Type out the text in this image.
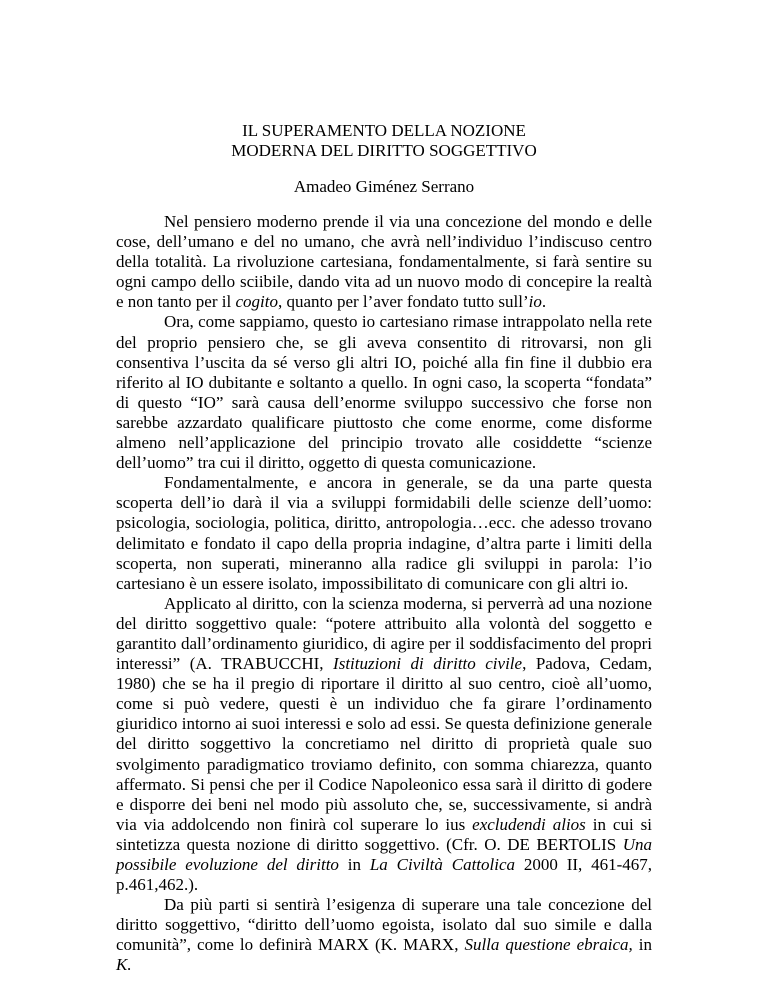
IL SUPERAMENTO DELLA NOZIONE
MODERNA DEL DIRITTO SOGGETTIVO
Amadeo Giménez Serrano

Nel pensiero moderno prende il via una concezione del mondo e delle cose, dell’umano e del no umano, che avrà nell’individuo l’indiscuso centro della totalità. La rivoluzione cartesiana, fondamentalmente, si farà sentire su ogni campo dello sciibile, dando vita ad un nuovo modo di concepire la realtà e non tanto per il cogito, quanto per l’aver fondato tutto sull’io.

Ora, come sappiamo, questo io cartesiano rimase intrappolato nella rete del proprio pensiero che, se gli aveva consentito di ritrovarsi, non gli consentiva l’uscita da sé verso gli altri IO, poiché alla fin fine il dubbio era riferito al IO dubitante e soltanto a quello. In ogni caso, la scoperta “fondata” di questo “IO” sarà causa dell’enorme sviluppo successivo che forse non sarebbe azzardato qualificare piuttosto che come enorme, come disforme almeno nell’applicazione del principio trovato alle cosiddette “scienze dell’uomo” tra cui il diritto, oggetto di questa comunicazione.

Fondamentalmente, e ancora in generale, se da una parte questa scoperta dell’io darà il via a sviluppi formidabili delle scienze dell’uomo: psicologia, sociologia, politica, diritto, antropologia…ecc. che adesso trovano delimitato e fondato il capo della propria indagine, d’altra parte i limiti della scoperta, non superati, mineranno alla radice gli sviluppi in parola: l’io cartesiano è un essere isolato, impossibilitato di comunicare con gli altri io.

Applicato al diritto, con la scienza moderna, si perverrà ad una nozione del diritto soggettivo quale: “potere attribuito alla volontà del soggetto e garantito dall’ordinamento giuridico, di agire per il soddisfacimento del propri interessi” (A. TRABUCCHI, Istituzioni di diritto civile, Padova, Cedam, 1980) che se ha il pregio di riportare il diritto al suo centro, cioè all’uomo, come si può vedere, questi è un individuo che fa girare l’ordinamento giuridico intorno ai suoi interessi e solo ad essi. Se questa definizione generale del diritto soggettivo la concretiamo nel diritto di proprietà quale suo svolgimento paradigmatico troviamo definito, con somma chiarezza, quanto affermato. Si pensi che per il Codice Napoleonico essa sarà il diritto di godere e disporre dei beni nel modo più assoluto che, se, successivamente, si andrà via via addolcendo non finirà col superare lo ius excludendi alios in cui si sintetizza questa nozione di diritto soggettivo. (Cfr. O. DE BERTOLIS Una possibile evoluzione del diritto in La Civiltà Cattolica 2000 II, 461-467, p.461,462.).

Da più parti si sentirà l’esigenza di superare una tale concezione del diritto soggettivo, “diritto dell’uomo egoista, isolato dal suo simile e dalla comunità”, come lo definirà MARX (K. MARX, Sulla questione ebraica, in K.
